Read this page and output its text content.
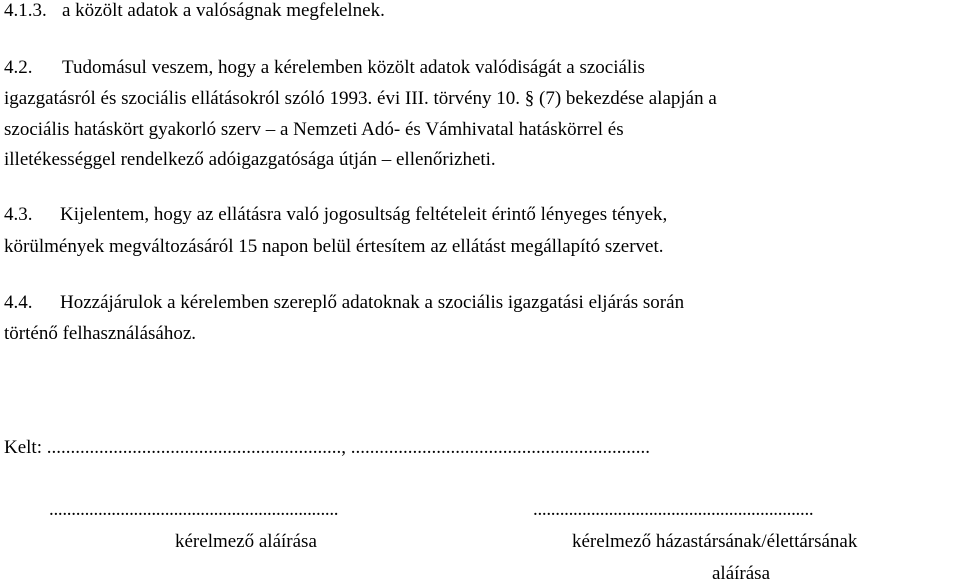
4.1.3. a közölt adatok a valóságnak megfelelnek.
4.2. Tudomásul veszem, hogy a kérelemben közölt adatok valódiságát a szociális
igazgatásról és szociális ellátásokról szóló 1993. évi III. törvény 10. § (7) bekezdése alapján a
szociális hatáskört gyakorló szerv – a Nemzeti Adó- és Vámhivatal hatáskörrel és
illetékességgel rendelkező adóigazgatósága útján – ellenőrizheti.
4.3. Kijelentem, hogy az ellátásra való jogosultság feltételeit érintő lényeges tények,
körülmények megváltozásáról 15 napon belül értesítem az ellátást megállapító szervet.
4.4. Hozzájárulok a kérelemben szereplő adatoknak a szociális igazgatási eljárás során
történő felhasználásához.
Kelt: .............................................................., ...............................................................
.................................................................	...............................................................
kérelmező aláírása	kérelmező házastársának/élettársának
aláírása
